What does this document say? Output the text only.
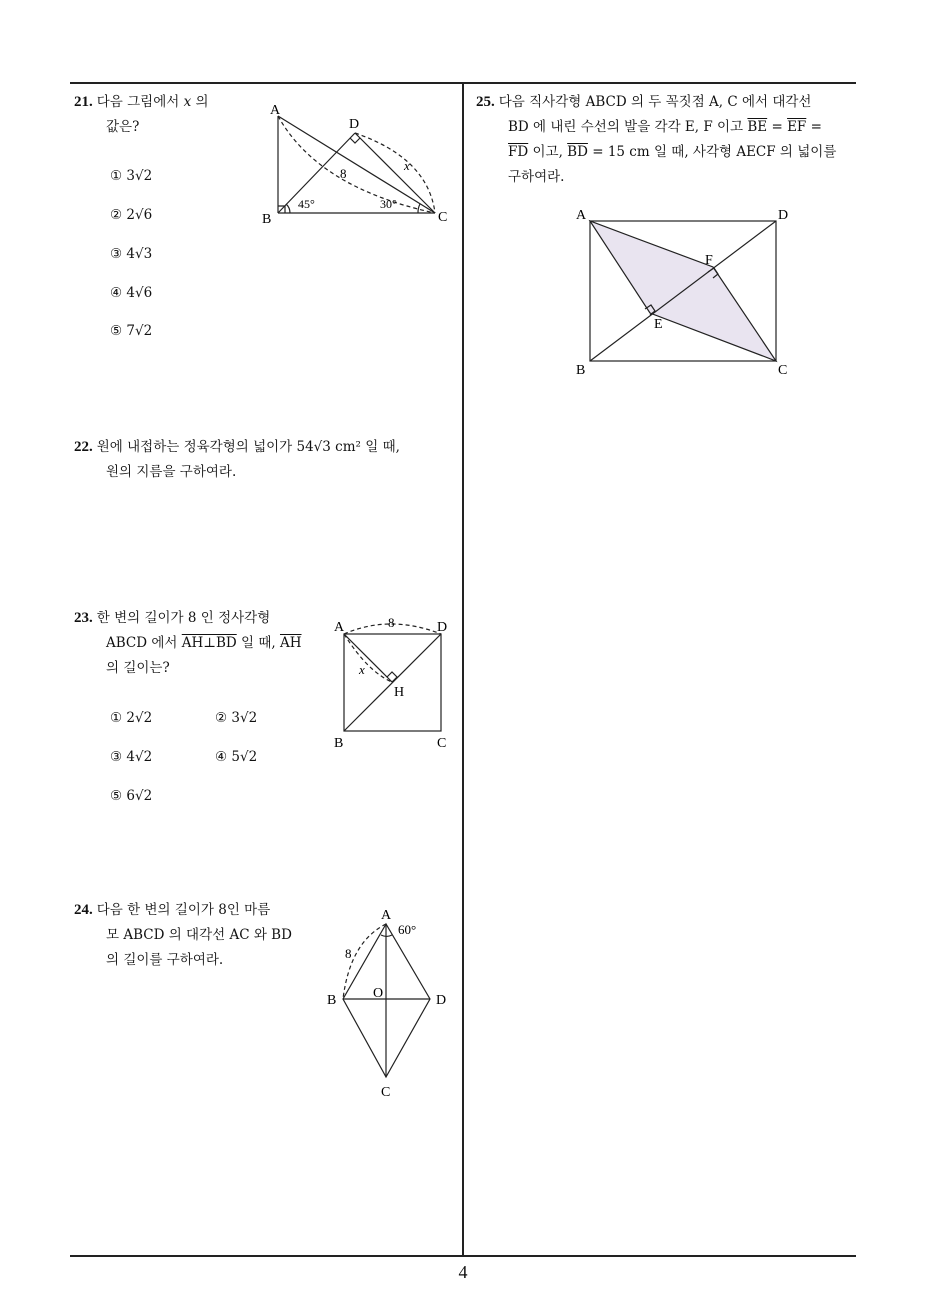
21. 다음 그림에서 x 의
값은?
① 3√2
② 2√6
③ 4√3
④ 4√6
⑤ 7√2
A
B	C
D
8
x
45°	30°
22. 원에 내접하는 정육각형의 넓이가 54√3 cm² 일 때,
원의 지름을 구하여라.
23. 한 변의 길이가 8 인 정사각형
ABCD 에서 AH⊥BD 일 때, $\overline{AH}$
의 길이는?
① 2√2	② 3√2
③ 4√2	④ 5√2
⑤ 6√2
A	D
B	C
H
8
x
24. 다음 한 변의 길이가 8인 마름
모 ABCD 의 대각선 AC 와 BD
의 길이를 구하여라.
A
B	D
C
O
8
60°
25. 다음 직사각형 ABCD 의 두 꼭짓점 A, C 에서 대각선
BD 에 내린 수선의 발을 각각 E, F 이고 $\overline{BE} = \overline{EF}$ =
$\overline{FD}$ 이고, $\overline{BD} = 15$ cm 일 때, 사각형 AECF 의 넓이를
구하여라.
A	D
B	C
E
F
4
